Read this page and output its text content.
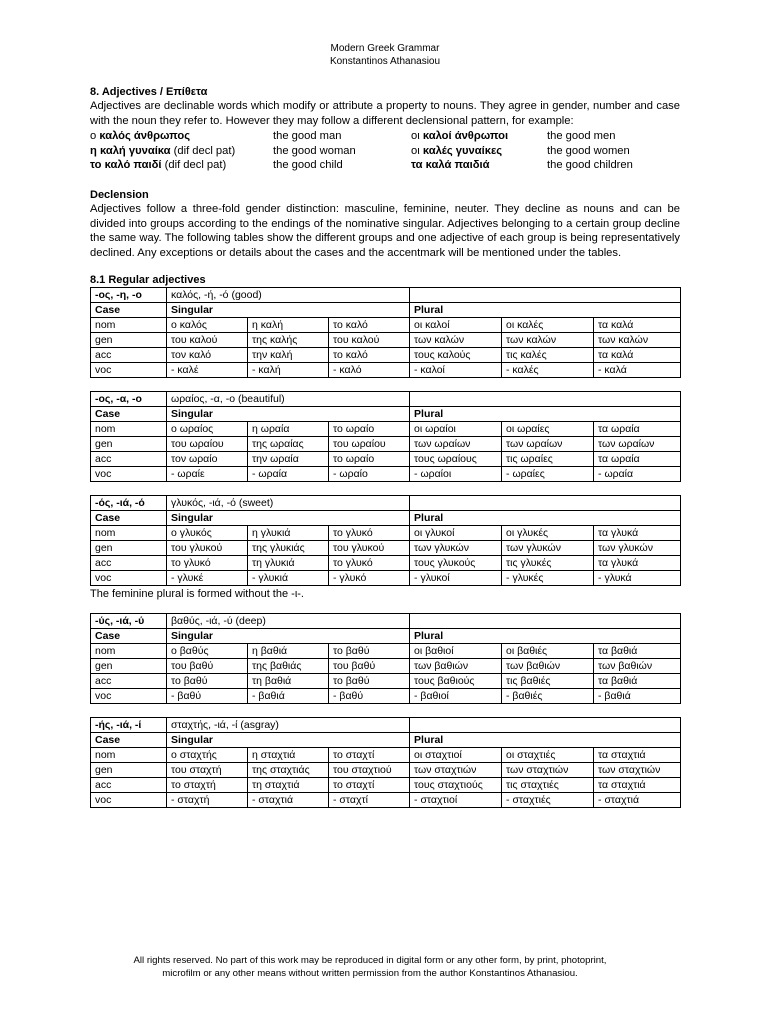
Modern Greek Grammar
Konstantinos Athanasiou
8. Adjectives / Επίθετα
Adjectives are declinable words which modify or attribute a property to nouns. They agree in gender, number and case with the noun they refer to. However they may follow a different declensional pattern, for example:
ο καλός άνθρωπος	the good man	οι καλοί άνθρωποι	the good men
η καλή γυναίκα (dif decl pat)	the good woman	οι καλές γυναίκες	the good women
το καλό παιδί (dif decl pat)	the good child	τα καλά παιδιά	the good children
Declension
Adjectives follow a three-fold gender distinction: masculine, feminine, neuter. They decline as nouns and can be divided into groups according to the endings of the nominative singular. Adjectives belonging to a certain group decline the same way. The following tables show the different groups and one adjective of each group is being representatively declined. Any exceptions or details about the cases and the accentmark will be mentioned under the tables.
8.1 Regular adjectives
-ος, -η, -ο	καλός, -ή, -ό (good)					
Case	Singular			Plural		
nom	ο καλός	η καλή	το καλό	οι καλοί	οι καλές	τα καλά
gen	του καλού	της καλής	του καλού	των καλών	των καλών	των καλών
acc	τον καλό	την καλή	το καλό	τους καλούς	τις καλές	τα καλά
voc	- καλέ	- καλή	- καλό	- καλοί	- καλές	- καλά
-ος, -α, -ο	ωραίος, -α, -ο (beautiful)					
Case	Singular			Plural		
nom	ο ωραίος	η ωραία	το ωραίο	οι ωραίοι	οι ωραίες	τα ωραία
gen	του ωραίου	της ωραίας	του ωραίου	των ωραίων	των ωραίων	των ωραίων
acc	τον ωραίο	την ωραία	το ωραίο	τους ωραίους	τις ωραίες	τα ωραία
voc	- ωραίε	- ωραία	- ωραίο	- ωραίοι	- ωραίες	- ωραία
-ός, -ιά, -ό	γλυκός, -ιά, -ό (sweet)					
Case	Singular			Plural		
nom	ο γλυκός	η γλυκιά	το γλυκό	οι γλυκοί	οι γλυκές	τα γλυκά
gen	του γλυκού	της γλυκιάς	του γλυκού	των γλυκών	των γλυκών	των γλυκών
acc	το γλυκό	τη γλυκιά	το γλυκό	τους γλυκούς	τις γλυκές	τα γλυκά
voc	- γλυκέ	- γλυκιά	- γλυκό	- γλυκοί	- γλυκές	- γλυκά
The feminine plural is formed without the -ι-.
-ύς, -ιά, -ύ	βαθύς, -ιά, -ύ (deep)					
Case	Singular			Plural		
nom	ο βαθύς	η βαθιά	το βαθύ	οι βαθιοί	οι βαθιές	τα βαθιά
gen	του βαθύ	της βαθιάς	του βαθύ	των βαθιών	των βαθιών	των βαθιών
acc	το βαθύ	τη βαθιά	το βαθύ	τους βαθιούς	τις βαθιές	τα βαθιά
voc	- βαθύ	- βαθιά	- βαθύ	- βαθιοί	- βαθιές	- βαθιά
-ής, -ιά, -ί	σταχτής, -ιά, -ί (asgray)					
Case	Singular			Plural		
nom	ο σταχτής	η σταχτιά	το σταχτί	οι σταχτιοί	οι σταχτιές	τα σταχτιά
gen	του σταχτή	της σταχτιάς	του σταχτιού	των σταχτιών	των σταχτιών	των σταχτιών
acc	το σταχτή	τη σταχτιά	το σταχτί	τους σταχτιούς	τις σταχτιές	τα σταχτιά
voc	- σταχτή	- σταχτιά	- σταχτί	- σταχτιοί	- σταχτιές	- σταχτιά
All rights reserved. No part of this work may be reproduced in digital form or any other form, by print, photoprint,
microfilm or any other means without written permission from the author Konstantinos Athanasiou.
